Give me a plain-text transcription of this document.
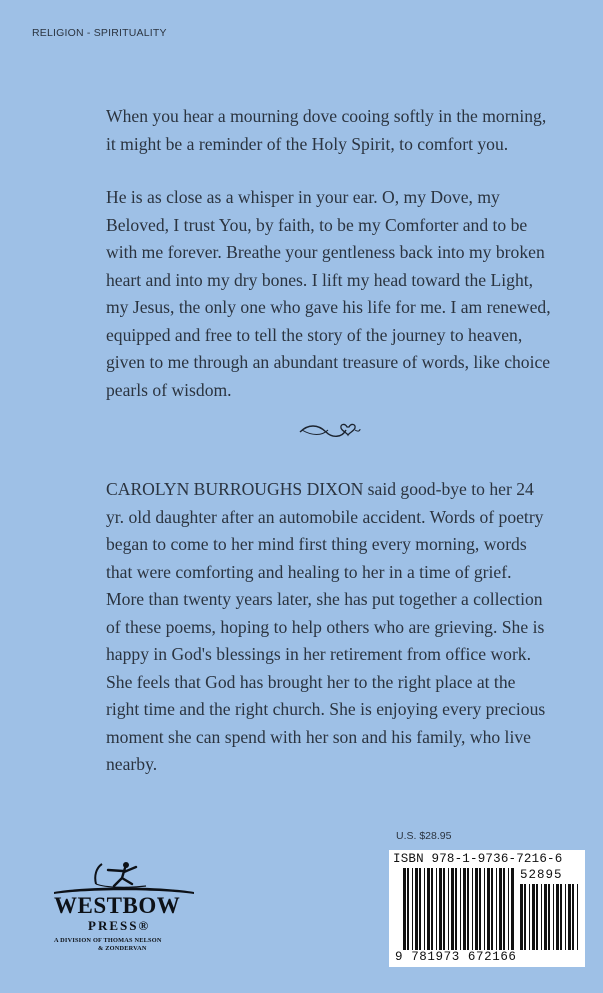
RELIGION - SPIRITUALITY

When you hear a mourning dove cooing softly in the morning, it might be a reminder of the Holy Spirit, to comfort you.

He is as close as a whisper in your ear. O, my Dove, my Beloved, I trust You, by faith, to be my Comforter and to be with me forever. Breathe your gentleness back into my broken heart and into my dry bones. I lift my head toward the Light, my Jesus, the only one who gave his life for me. I am renewed, equipped and free to tell the story of the journey to heaven, given to me through an abundant treasure of words, like choice pearls of wisdom.

CAROLYN BURROUGHS DIXON said good-bye to her 24 yr. old daughter after an automobile accident. Words of poetry began to come to her mind first thing every morning, words that were comforting and healing to her in a time of grief. More than twenty years later, she has put together a collection of these poems, hoping to help others who are grieving. She is happy in God's blessings in her retirement from office work. She feels that God has brought her to the right place at the right time and the right church. She is enjoying every precious moment she can spend with her son and his family, who live nearby.

WESTBOW
PRESS®
A DIVISION OF THOMAS NELSON
& ZONDERVAN
U.S. $28.95
ISBN 978-1-9736-7216-6
52895
9 781973 672166
